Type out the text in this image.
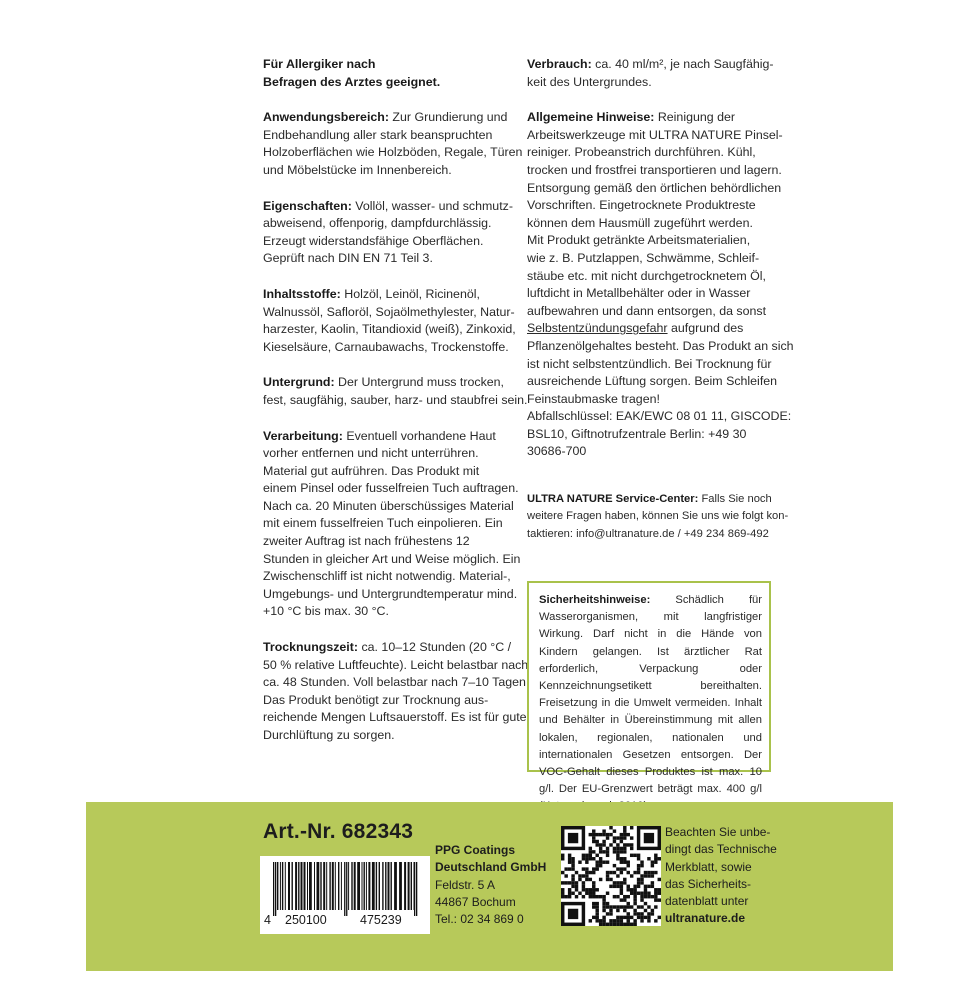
Für Allergiker nach
Befragen des Arztes geeignet.
Anwendungsbereich: Zur Grundierung und
Endbehandlung aller stark beanspruchten
Holzoberflächen wie Holzböden, Regale, Türen
und Möbelstücke im Innenbereich.
Eigenschaften: Vollöl, wasser- und schmutz-
abweisend, offenporig, dampfdurchlässig.
Erzeugt widerstandsfähige Oberflächen.
Geprüft nach DIN EN 71 Teil 3.
Inhaltsstoffe: Holzöl, Leinöl, Ricinenöl,
Walnussöl, Safloröl, Sojaölmethylester, Natur-
harzester, Kaolin, Titandioxid (weiß), Zinkoxid,
Kieselsäure, Carnaubawachs, Trockenstoffe.
Untergrund: Der Untergrund muss trocken,
fest, saugfähig, sauber, harz- und staubfrei sein.
Verarbeitung: Eventuell vorhandene Haut
vorher entfernen und nicht unterrühren.
Material gut aufrühren. Das Produkt mit
einem Pinsel oder fusselfreien Tuch auftragen.
Nach ca. 20 Minuten überschüssiges Material
mit einem fusselfreien Tuch einpolieren. Ein
zweiter Auftrag ist nach frühestens 12
Stunden in gleicher Art und Weise möglich. Ein
Zwischenschliff ist nicht notwendig. Material-,
Umgebungs- und Untergrundtemperatur mind.
+10 °C bis max. 30 °C.
Trocknungszeit: ca. 10–12 Stunden (20 °C /
50 % relative Luftfeuchte). Leicht belastbar nach
ca. 48 Stunden. Voll belastbar nach 7–10 Tagen.
Das Produkt benötigt zur Trocknung aus-
reichende Mengen Luftsauerstoff. Es ist für gute
Durchlüftung zu sorgen.
Verbrauch: ca. 40 ml/m², je nach Saugfähig-
keit des Untergrundes.
Allgemeine Hinweise: Reinigung der
Arbeitswerkzeuge mit ULTRA NATURE Pinsel-
reiniger. Probeanstrich durchführen. Kühl,
trocken und frostfrei transportieren und lagern.
Entsorgung gemäß den örtlichen behördlichen
Vorschriften. Eingetrocknete Produktreste
können dem Hausmüll zugeführt werden.
Mit Produkt getränkte Arbeitsmaterialien,
wie z. B. Putzlappen, Schwämme, Schleif-
stäube etc. mit nicht durchgetrocknetem Öl,
luftdicht in Metallbehälter oder in Wasser
aufbewahren und dann entsorgen, da sonst
Selbstentzündungsgefahr aufgrund des
Pflanzenölgehaltes besteht. Das Produkt an sich
ist nicht selbstentzündlich. Bei Trocknung für
ausreichende Lüftung sorgen. Beim Schleifen
Feinstaubmaske tragen!
Abfallschlüssel: EAK/EWC 08 01 11, GISCODE:
BSL10, Giftnotrufzentrale Berlin: +49 30
30686-700
ULTRA NATURE Service-Center: Falls Sie noch
weitere Fragen haben, können Sie uns wie folgt kon-
taktieren: info@ultranature.de / +49 234 869-492
Sicherheitshinweise: Schädlich für Wasserorganismen, mit langfristiger Wirkung. Darf nicht in die Hände von Kindern gelangen. Ist ärztlicher Rat erforderlich, Verpackung oder Kennzeichnungsetikett bereithalten. Freisetzung in die Umwelt vermeiden. Inhalt und Behälter in Übereinstimmung mit allen lokalen, regionalen, nationalen und internationalen Gesetzen entsorgen. Der VOC-Gehalt dieses Produktes ist max. 10 g/l. Der EU-Grenzwert beträgt max. 400 g/l
Art.-Nr. 682343
4 250100	475239
PPG Coatings
Deutschland GmbH
Feldstr. 5 A
44867 Bochum
Tel.: 02 34 869 0
Beachten Sie unbe-
dingt das Technische
Merkblatt, sowie
das Sicherheits-
datenblatt unter
ultranature.de
